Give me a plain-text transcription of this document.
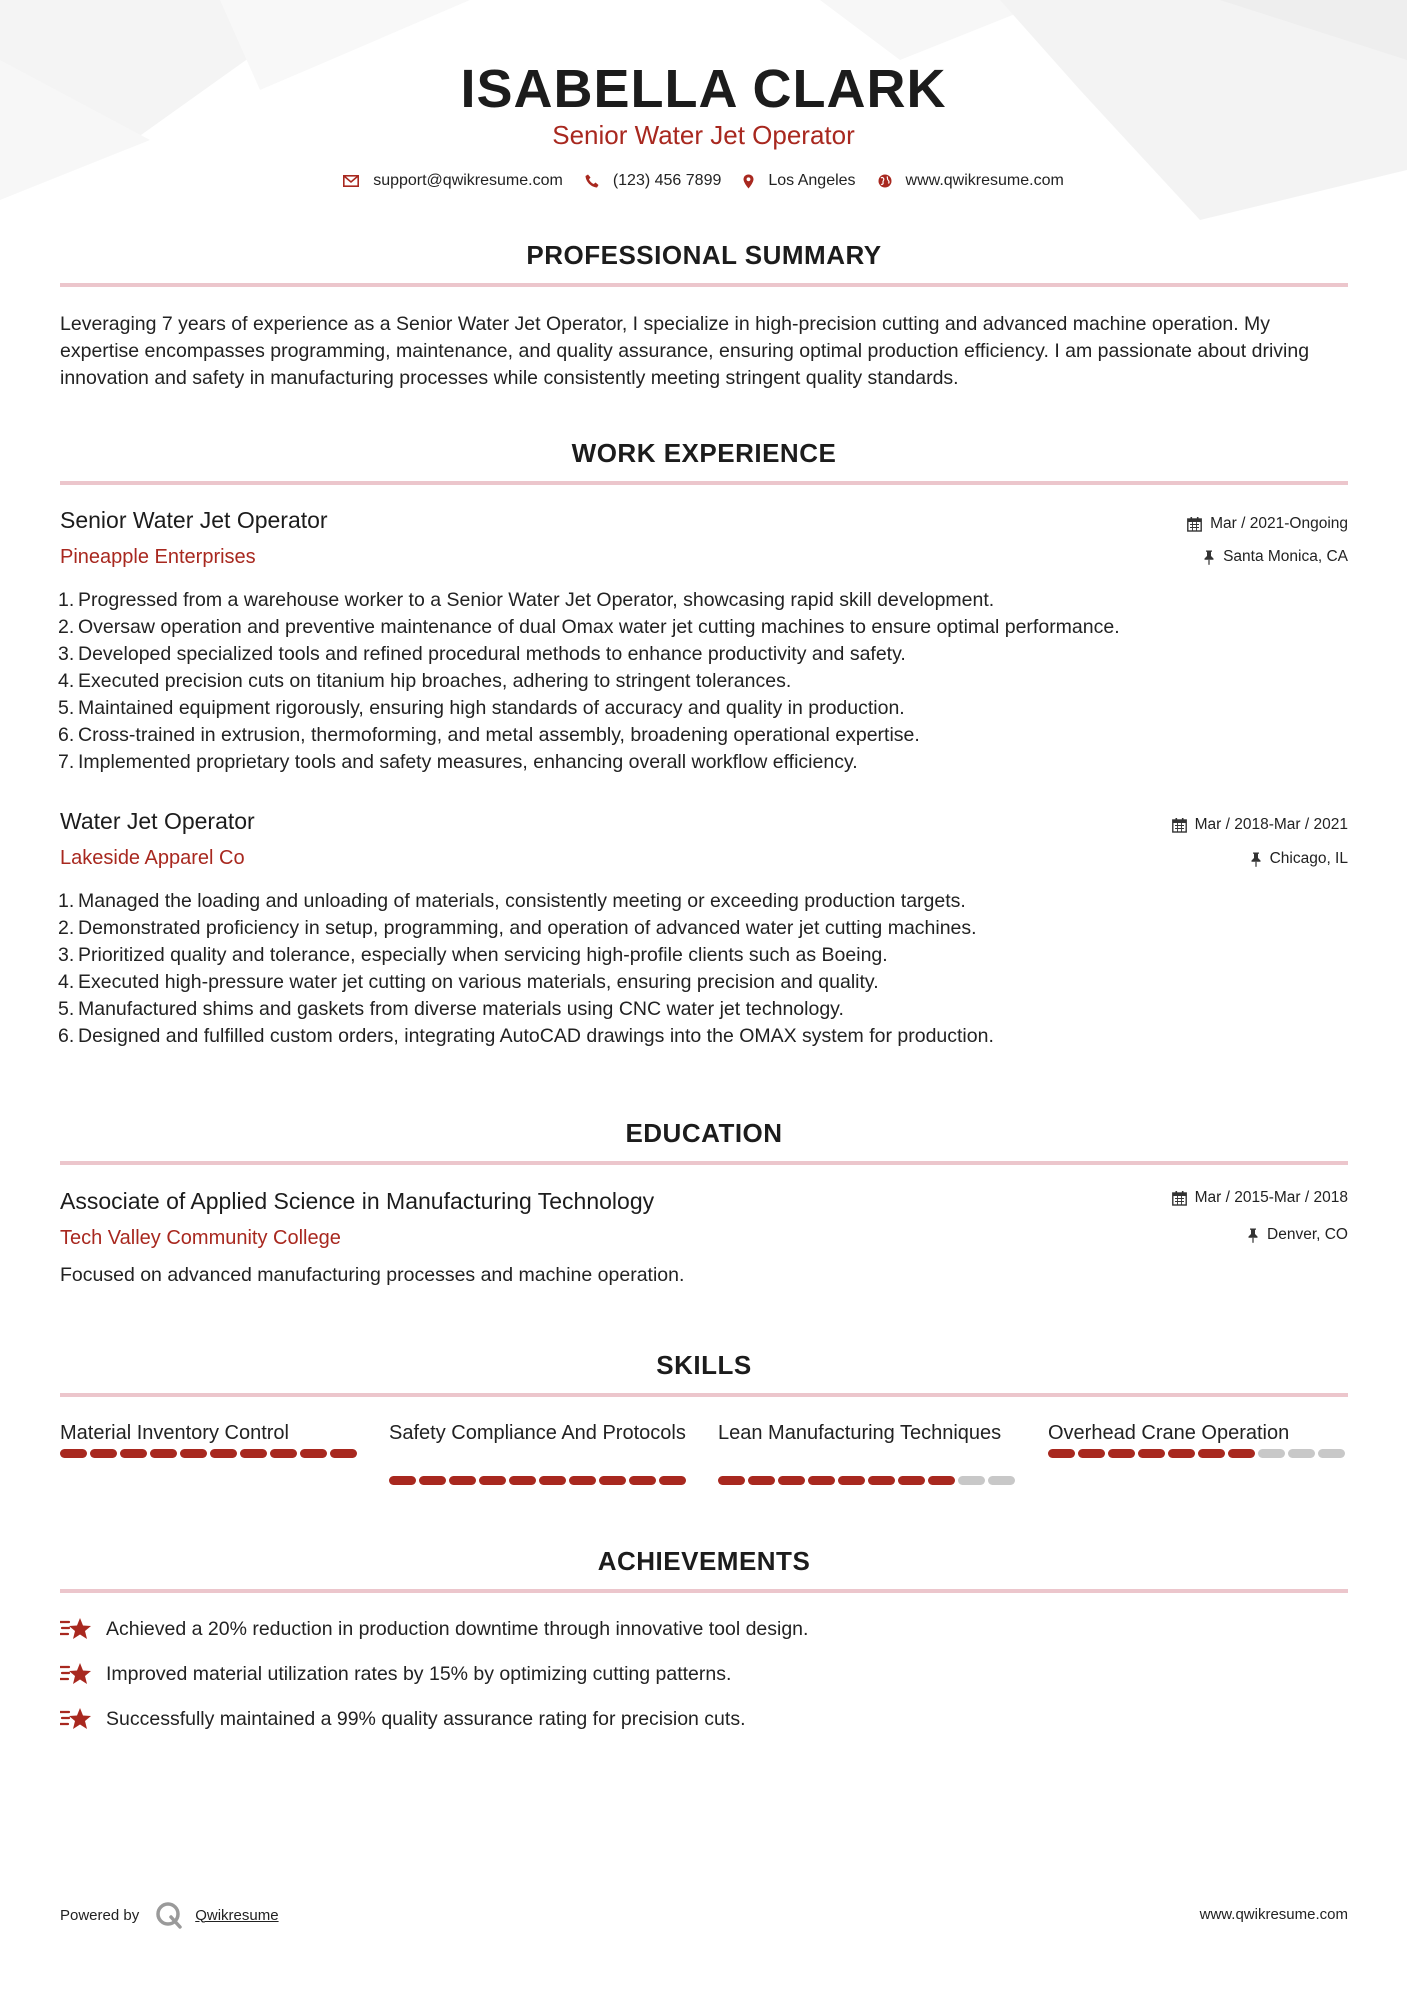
ISABELLA CLARK
Senior Water Jet Operator
support@qwikresume.com	(123) 456 7899	Los Angeles	www.qwikresume.com
PROFESSIONAL SUMMARY
Leveraging 7 years of experience as a Senior Water Jet Operator, I specialize in high-precision cutting and advanced machine operation. My expertise encompasses programming, maintenance, and quality assurance, ensuring optimal production efficiency. I am passionate about driving innovation and safety in manufacturing processes while consistently meeting stringent quality standards.
WORK EXPERIENCE
Senior Water Jet Operator
Pineapple Enterprises
Mar / 2021-Ongoing
Santa Monica, CA
1. Progressed from a warehouse worker to a Senior Water Jet Operator, showcasing rapid skill development.
2. Oversaw operation and preventive maintenance of dual Omax water jet cutting machines to ensure optimal performance.
3. Developed specialized tools and refined procedural methods to enhance productivity and safety.
4. Executed precision cuts on titanium hip broaches, adhering to stringent tolerances.
5. Maintained equipment rigorously, ensuring high standards of accuracy and quality in production.
6. Cross-trained in extrusion, thermoforming, and metal assembly, broadening operational expertise.
7. Implemented proprietary tools and safety measures, enhancing overall workflow efficiency.
Water Jet Operator
Lakeside Apparel Co
Mar / 2018-Mar / 2021
Chicago, IL
1. Managed the loading and unloading of materials, consistently meeting or exceeding production targets.
2. Demonstrated proficiency in setup, programming, and operation of advanced water jet cutting machines.
3. Prioritized quality and tolerance, especially when servicing high-profile clients such as Boeing.
4. Executed high-pressure water jet cutting on various materials, ensuring precision and quality.
5. Manufactured shims and gaskets from diverse materials using CNC water jet technology.
6. Designed and fulfilled custom orders, integrating AutoCAD drawings into the OMAX system for production.
EDUCATION
Associate of Applied Science in Manufacturing Technology
Tech Valley Community College
Mar / 2015-Mar / 2018
Denver, CO
Focused on advanced manufacturing processes and machine operation.
SKILLS
Material Inventory Control	Safety Compliance And Protocols Lean Manufacturing Techniques	Overhead Crane Operation
ACHIEVEMENTS
Achieved a 20% reduction in production downtime through innovative tool design.
Improved material utilization rates by 15% by optimizing cutting patterns.
Successfully maintained a 99% quality assurance rating for precision cuts.
Powered by	Qwikresume	www.qwikresume.com
